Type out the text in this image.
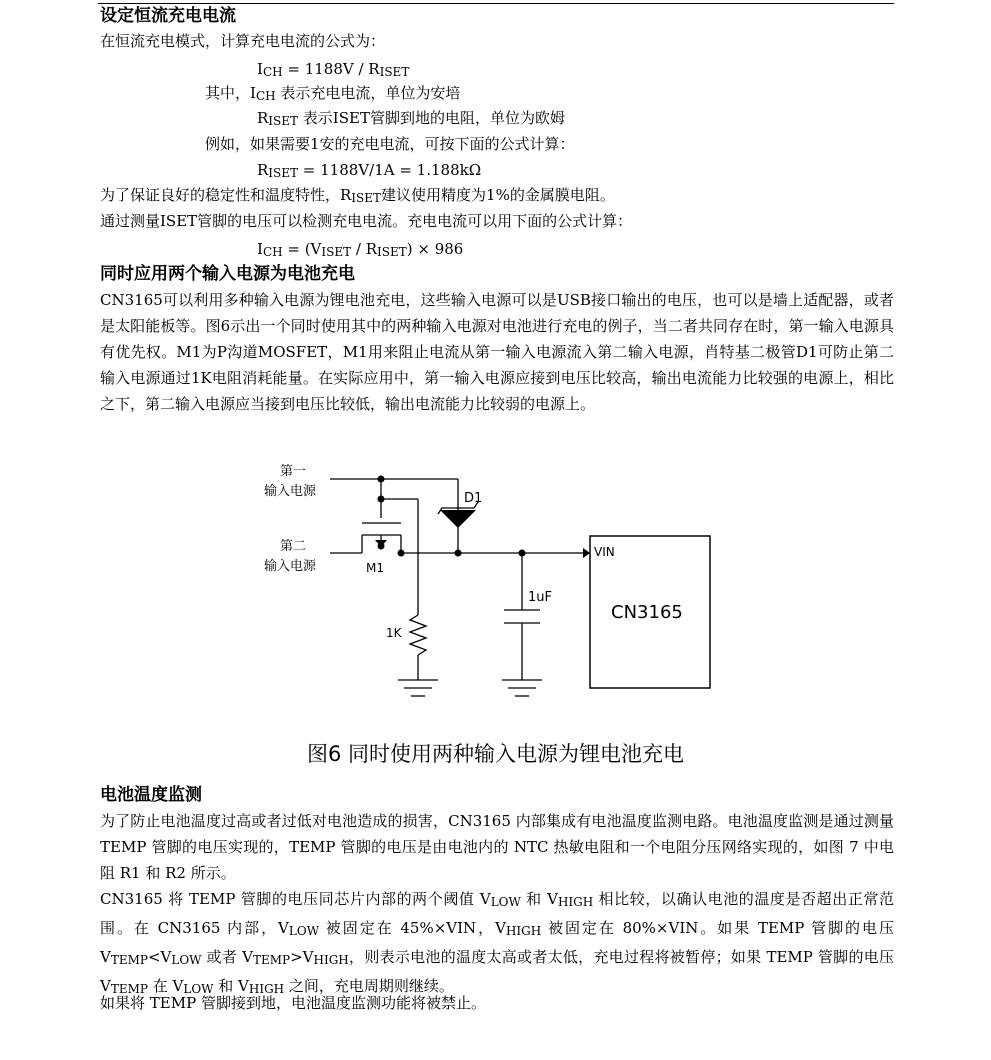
设定恒流充电电流
在恒流充电模式，计算充电电流的公式为：
ICH = 1188V / RISET
其中，ICH 表示充电电流，单位为安培
RISET 表示ISET管脚到地的电阻，单位为欧姆
例如，如果需要1安的充电电流，可按下面的公式计算：
RISET = 1188V/1A = 1.188kΩ
为了保证良好的稳定性和温度特性，RISET建议使用精度为1%的金属膜电阻。
通过测量ISET管脚的电压可以检测充电电流。充电电流可以用下面的公式计算：
ICH = (VISET / RISET) × 986
同时应用两个输入电源为电池充电
CN3165可以利用多种输入电源为锂电池充电，这些输入电源可以是USB接口输出的电压，也可以是墙上适配器，或者是太阳能板等。图6示出一个同时使用其中的两种输入电源对电池进行充电的例子，当二者共同存在时，第一输入电源具有优先权。M1为P沟道MOSFET，M1用来阻止电流从第一输入电源流入第二输入电源，肖特基二极管D1可防止第二输入电源通过1K电阻消耗能量。在实际应用中，第一输入电源应接到电压比较高，输出电流能力比较强的电源上，相比之下，第二输入电源应当接到电压比较低，输出电流能力比较弱的电源上。
第一
输入电源
第二
输入电源	M1
D1
1K
1uF
VIN
CN3165
图6 同时使用两种输入电源为锂电池充电
电池温度监测
为了防止电池温度过高或者过低对电池造成的损害，CN3165 内部集成有电池温度监测电路。电池温度监测是通过测量 TEMP 管脚的电压实现的，TEMP 管脚的电压是由电池内的 NTC 热敏电阻和一个电阻分压网络实现的，如图 7 中电阻 R1 和 R2 所示。
CN3165 将 TEMP 管脚的电压同芯片内部的两个阈值 VLOW 和 VHIGH 相比较，以确认电池的温度是否超出正常范围。在 CN3165 内部，VLOW 被固定在 45%×VIN，VHIGH 被固定在 80%×VIN。如果 TEMP 管脚的电压 VTEMP<VLOW 或者 VTEMP>VHIGH，则表示电池的温度太高或者太低，充电过程将被暂停；如果 TEMP 管脚的电压 VTEMP 在 VLOW 和 VHIGH 之间，充电周期则继续。
如果将 TEMP 管脚接到地，电池温度监测功能将被禁止。
